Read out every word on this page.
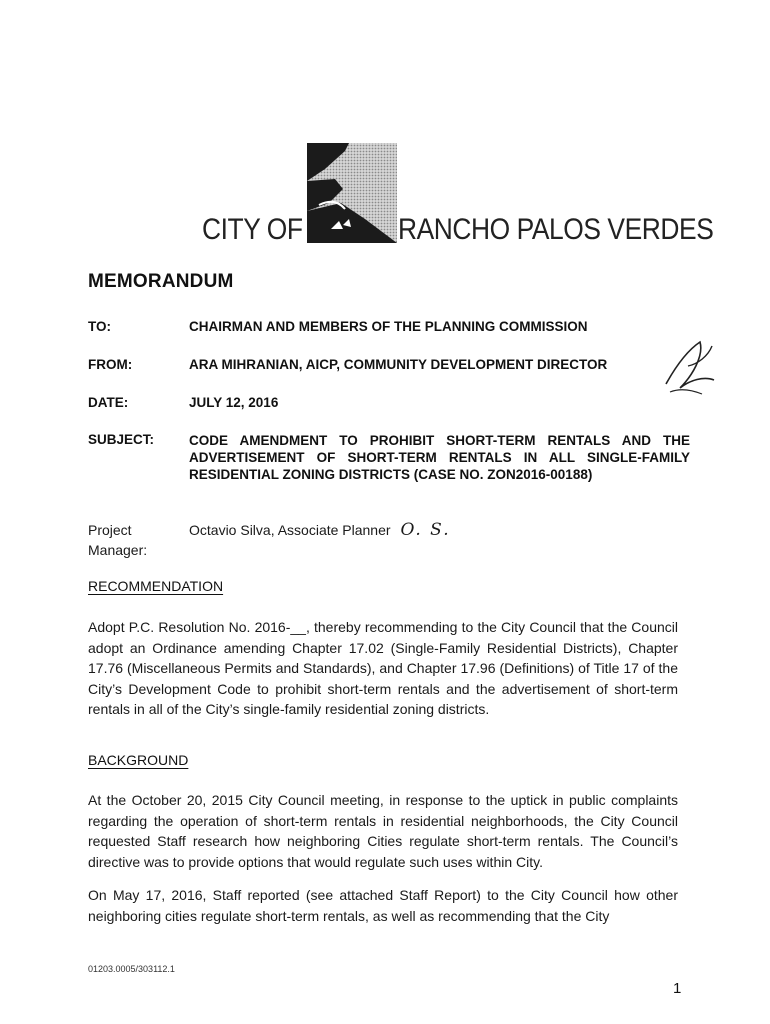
CITY OF	RANCHO PALOS VERDES
MEMORANDUM
TO:	CHAIRMAN AND MEMBERS OF THE PLANNING COMMISSION
FROM:	ARA MIHRANIAN, AICP, COMMUNITY DEVELOPMENT DIRECTOR
DATE:	JULY 12, 2016
SUBJECT:	CODE AMENDMENT TO PROHIBIT SHORT-TERM RENTALS AND THE ADVERTISEMENT OF SHORT-TERM RENTALS IN ALL SINGLE-FAMILY RESIDENTIAL ZONING DISTRICTS (CASE NO. ZON2016-00188)
Project Manager:
Octavio Silva, Associate Planner O. S.
RECOMMENDATION
Adopt P.C. Resolution No. 2016-__, thereby recommending to the City Council that the Council adopt an Ordinance amending Chapter 17.02 (Single-Family Residential Districts), Chapter 17.76 (Miscellaneous Permits and Standards), and Chapter 17.96 (Definitions) of Title 17 of the City’s Development Code to prohibit short-term rentals and the advertisement of short-term rentals in all of the City’s single-family residential zoning districts.
BACKGROUND
At the October 20, 2015 City Council meeting, in response to the uptick in public complaints regarding the operation of short-term rentals in residential neighborhoods, the City Council requested Staff research how neighboring Cities regulate short-term rentals. The Council’s directive was to provide options that would regulate such uses within City.
On May 17, 2016, Staff reported (see attached Staff Report) to the City Council how other neighboring cities regulate short-term rentals, as well as recommending that the City
01203.0005/303112.1
1
